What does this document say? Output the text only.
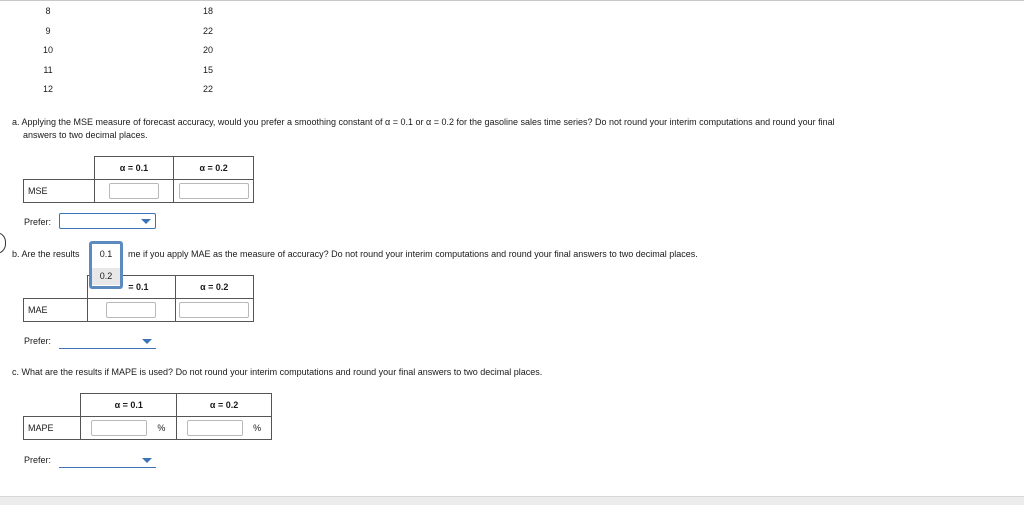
8	18
9	22
10	20
11	15
12	22
a. Applying the MSE measure of forecast accuracy, would you prefer a smoothing constant of α = 0.1 or α = 0.2 for the gasoline sales time series? Do not round your interim computations and round your final
answers to two decimal places.
	α = 0.1	α = 0.2
MSE		
Prefer:
b. Are the results	me if you apply MAE as the measure of accuracy? Do not round your interim computations and round your final answers to two decimal places.
	= 0.1	α = 0.2
MAE		
0.1
0.2
Prefer:
c. What are the results if MAPE is used? Do not round your interim computations and round your final answers to two decimal places.
	α = 0.1	α = 0.2
MAPE	%	%
Prefer:
